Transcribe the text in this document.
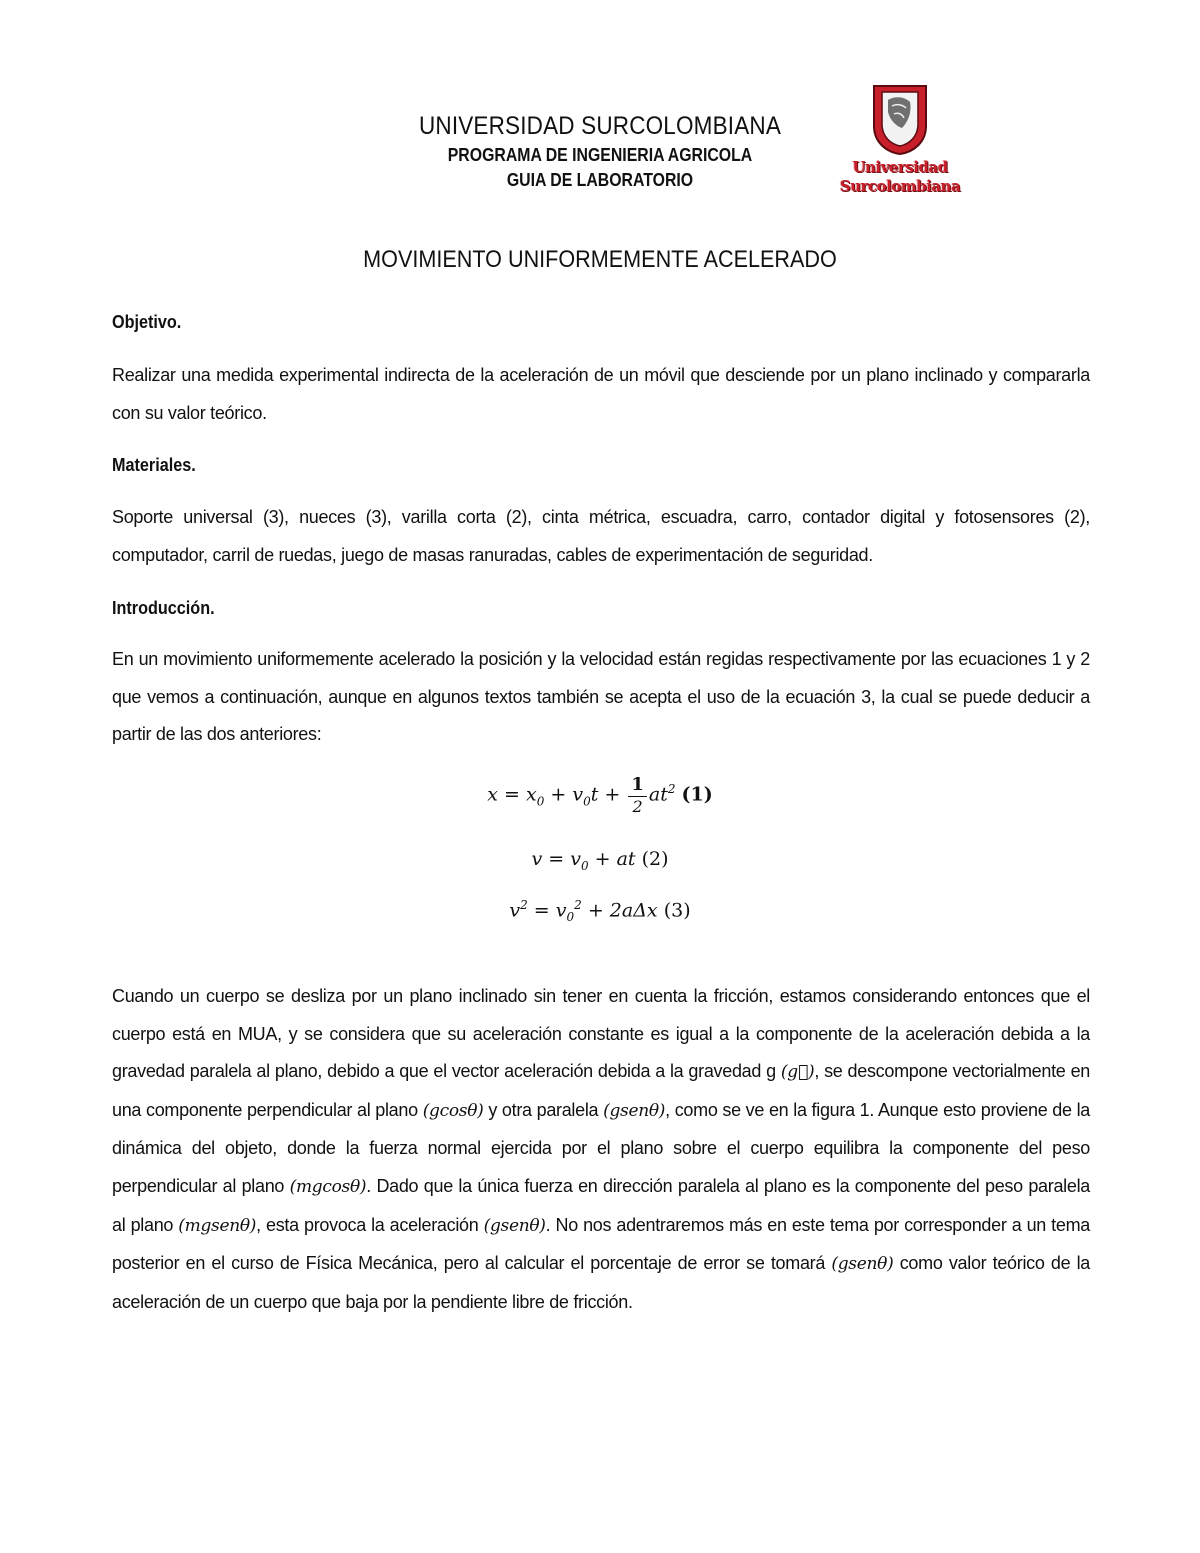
UNIVERSIDAD SURCOLOMBIANA
PROGRAMA DE INGENIERIA AGRICOLA
GUIA DE LABORATORIO
Universidad
Surcolombiana
MOVIMIENTO UNIFORMEMENTE ACELERADO
Objetivo.
Realizar una medida experimental indirecta de la aceleración de un móvil que desciende por un plano inclinado y compararla con su valor teórico.
Materiales.
Soporte universal (3), nueces (3), varilla corta (2), cinta métrica, escuadra, carro, contador digital y fotosensores (2), computador, carril de ruedas, juego de masas ranuradas, cables de experimentación de seguridad.
Introducción.
En un movimiento uniformemente acelerado la posición y la velocidad están regidas respectivamente por las ecuaciones 1 y 2 que vemos a continuación, aunque en algunos textos también se acepta el uso de la ecuación 3, la cual se puede deducir a partir de las dos anteriores:
$x = x_0 + v_0t + \frac{1}{2} at^2$ (1)
$v = v_0$ + at (2)
$v^2 = v_0^2 + 2a\Delta x$ (3)
Cuando un cuerpo se desliza por un plano inclinado sin tener en cuenta la fricción, estamos considerando entonces que el cuerpo está en MUA, y se considera que su aceleración constante es igual a la componente de la aceleración debida a la gravedad paralela al plano, debido a que el vector aceleración debida a la gravedad g (g⃗), se descompone vectorialmente en una componente perpendicular al plano (gcosθ) y otra paralela (gsenθ), como se ve en la figura 1. Aunque esto proviene de la dinámica del objeto, donde la fuerza normal ejercida por el plano sobre el cuerpo equilibra la componente del peso perpendicular al plano (mgcosθ). Dado que la única fuerza en dirección paralela al plano es la componente del peso paralela al plano (mgsenθ), esta provoca la aceleración (gsenθ). No nos adentraremos más en este tema por corresponder a un tema posterior en el curso de Física Mecánica, pero al calcular el porcentaje de error se tomará (gsenθ) como valor teórico de la aceleración de un cuerpo que baja por la pendiente libre de fricción.
